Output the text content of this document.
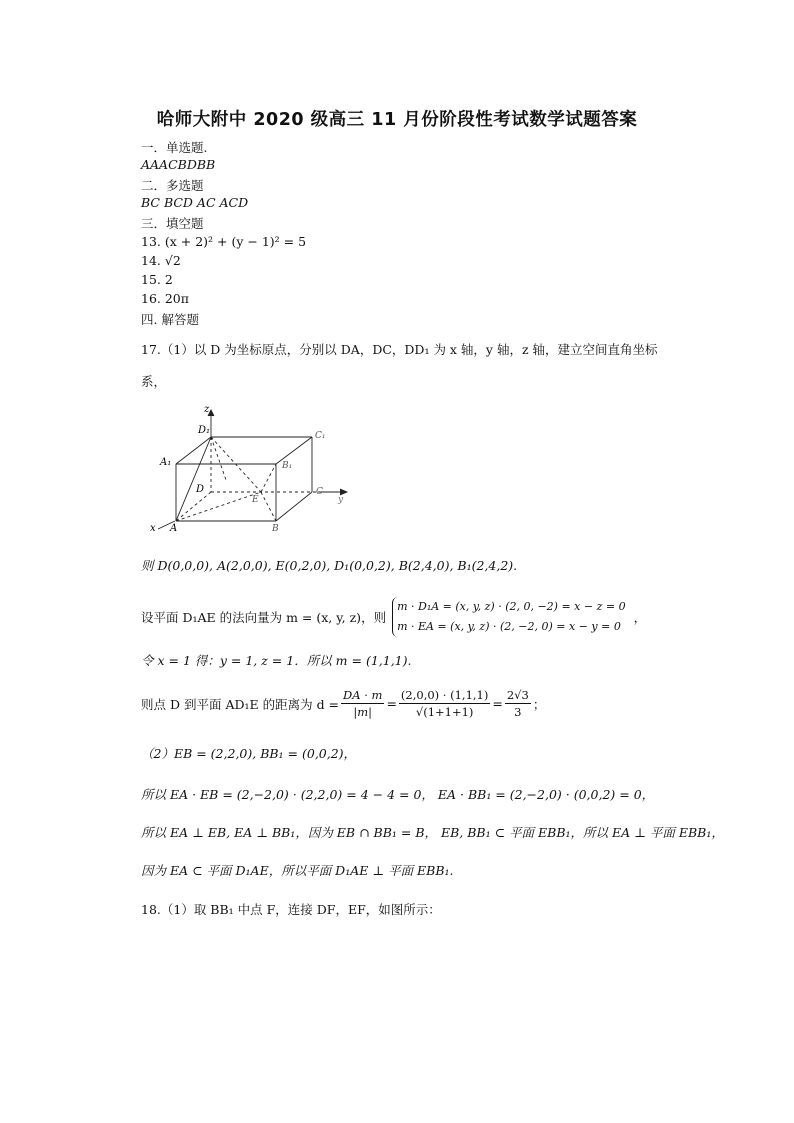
哈师大附中 2020 级高三 11 月份阶段性考试数学试题答案
一．单选题.
AAACBDBB
二．多选题
BC BCD AC ACD
三．填空题
13. (x + 2)² + (y − 1)² = 5
14. √2
15. 2
16. 20π
四. 解答题
17.（1）以 D 为坐标原点，分别以 DA，DC，DD₁ 为 x 轴，y 轴，z 轴，建立空间直角坐标
系，
z
D₁	C₁
A₁	B₁
D
E
C
y
A
x	B
则 D(0,0,0), A(2,0,0), E(0,2,0), D₁(0,0,2), B(2,4,0), B₁(2,4,2).
设平面 D₁AE 的法向量为 m = (x, y, z)，则
m · D₁A = (x, y, z) · (2, 0, −2) = x − z = 0
m · EA = (x, y, z) · (2, −2, 0) = x − y = 0
，
令 x = 1 得：y = 1, z = 1．所以 m = (1,1,1).
则点 D 到平面 AD₁E 的距离为 $d = \frac{DA \cdot m}{|m|} = \frac{(2,0,0) \cdot (1,1,1)}{√(1+1+1)} = \frac{2√3}{3}$ ；
（2）EB = (2,2,0), BB₁ = (0,0,2)，
所以 EA · EB = (2,−2,0) · (2,2,0) = 4 − 4 = 0， EA · BB₁ = (2,−2,0) · (0,0,2) = 0，
所以 EA ⊥ EB, EA ⊥ BB₁，因为 EB ∩ BB₁ = B， EB, BB₁ ⊂ 平面 EBB₁，所以 EA ⊥ 平面 EBB₁，
因为 EA ⊂ 平面 D₁AE，所以平面 D₁AE ⊥ 平面 EBB₁.
18.（1）取 BB₁ 中点 F，连接 DF，EF，如图所示：
